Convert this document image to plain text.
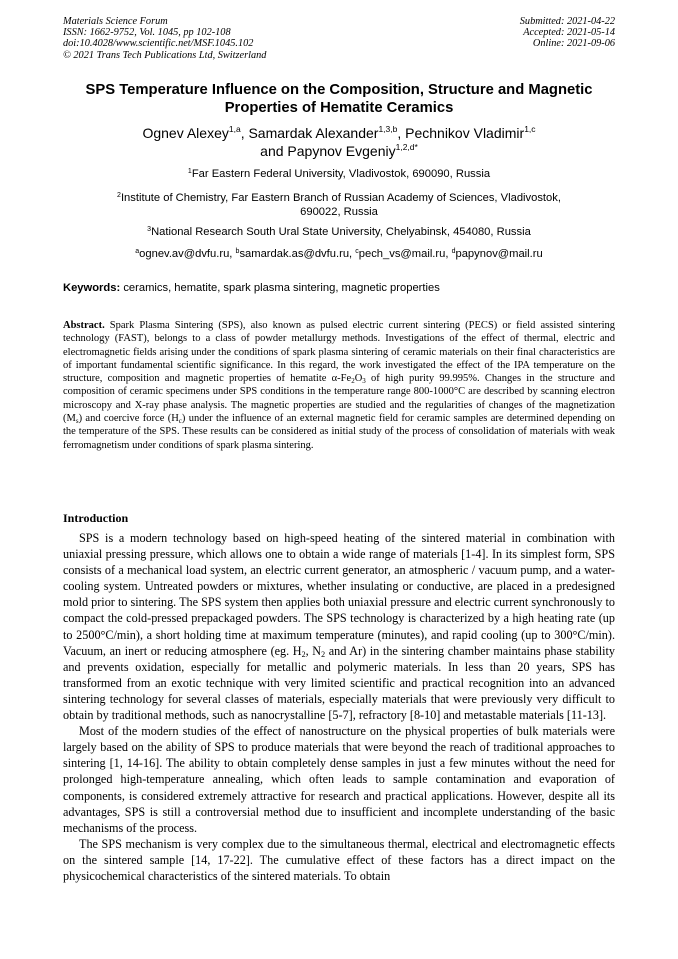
Materials Science Forum
ISSN: 1662-9752, Vol. 1045, pp 102-108
doi:10.4028/www.scientific.net/MSF.1045.102
© 2021 Trans Tech Publications Ltd, Switzerland
Submitted: 2021-04-22
Accepted: 2021-05-14
Online: 2021-09-06
SPS Temperature Influence on the Composition, Structure and Magnetic
Properties of Hematite Ceramics
Ognev Alexey$^{1,a}$, Samardak Alexander$^{1,3,b}$, Pechnikov Vladimir$^{1,c}$
and Papynov Evgeniy$^{1,2,d*}$
$^1$Far Eastern Federal University, Vladivostok, 690090, Russia
$^2$Institute of Chemistry, Far Eastern Branch of Russian Academy of Sciences, Vladivostok,
690022, Russia
$^3$National Research South Ural State University, Chelyabinsk, 454080, Russia
$^a$ognev.av@dvfu.ru, $^b$samardak.as@dvfu.ru, $^c$pech_vs@mail.ru, $^d$papynov@mail.ru
Keywords: ceramics, hematite, spark plasma sintering, magnetic properties
Abstract. Spark Plasma Sintering (SPS), also known as pulsed electric current sintering (PECS) or field assisted sintering technology (FAST), belongs to a class of powder metallurgy methods. Investigations of the effect of thermal, electric and electromagnetic fields arising under the conditions of spark plasma sintering of ceramic materials on their final characteristics are of important fundamental scientific significance. In this regard, the work investigated the effect of the IPA temperature on the structure, composition and magnetic properties of hematite $\alpha-Fe_2O_3$ of high purity 99.995%. Changes in the structure and composition of ceramic specimens under SPS conditions in the temperature range 800-1000°C are described by scanning electron microscopy and X-ray phase analysis. The magnetic properties are studied and the regularities of changes of the magnetization $(M_s)$ and coercive force $(H_c)$ under the influence of an external magnetic field for ceramic samples are determined depending on the temperature of the SPS. These results can be considered as initial study of the process of consolidation of materials with weak ferromagnetism under conditions of spark plasma sintering.
Introduction

SPS is a modern technology based on high-speed heating of the sintered material in combination with uniaxial pressing pressure, which allows one to obtain a wide range of materials [1-4]. In its simplest form, SPS consists of a mechanical load system, an electric current generator, an atmospheric / vacuum pump, and a water-cooling system. Untreated powders or mixtures, whether insulating or conductive, are placed in a predesigned mold prior to sintering. The SPS system then applies both uniaxial pressure and electric current synchronously to compact the cold-pressed prepackaged powders. The SPS technology is characterized by a high heating rate (up to 2500°C/min), a short holding time at maximum temperature (minutes), and rapid cooling (up to 300°C/min). Vacuum, an inert or reducing atmosphere (eg. $H_2$, $N_2$ and Ar) in the sintering chamber maintains phase stability and prevents oxidation, especially for metallic and polymeric materials. In less than 20 years, SPS has transformed from an exotic technique with very limited scientific and practical recognition into an advanced sintering technology for several classes of materials, especially materials that were previously very difficult to obtain by traditional methods, such as nanocrystalline [5-7], refractory [8-10] and metastable materials [11-13].

Most of the modern studies of the effect of nanostructure on the physical properties of bulk materials were largely based on the ability of SPS to produce materials that were beyond the reach of traditional approaches to sintering [1, 14-16]. The ability to obtain completely dense samples in just a few minutes without the need for prolonged high-temperature annealing, which often leads to sample contamination and evaporation of components, is considered extremely attractive for research and practical applications. However, despite all its advantages, SPS is still a controversial method due to insufficient and incomplete understanding of the basic mechanisms of the process.

The SPS mechanism is very complex due to the simultaneous thermal, electrical and electromagnetic effects on the sintered sample [14, 17-22]. The cumulative effect of these factors has a direct impact on the physicochemical characteristics of the sintered materials. To obtain
